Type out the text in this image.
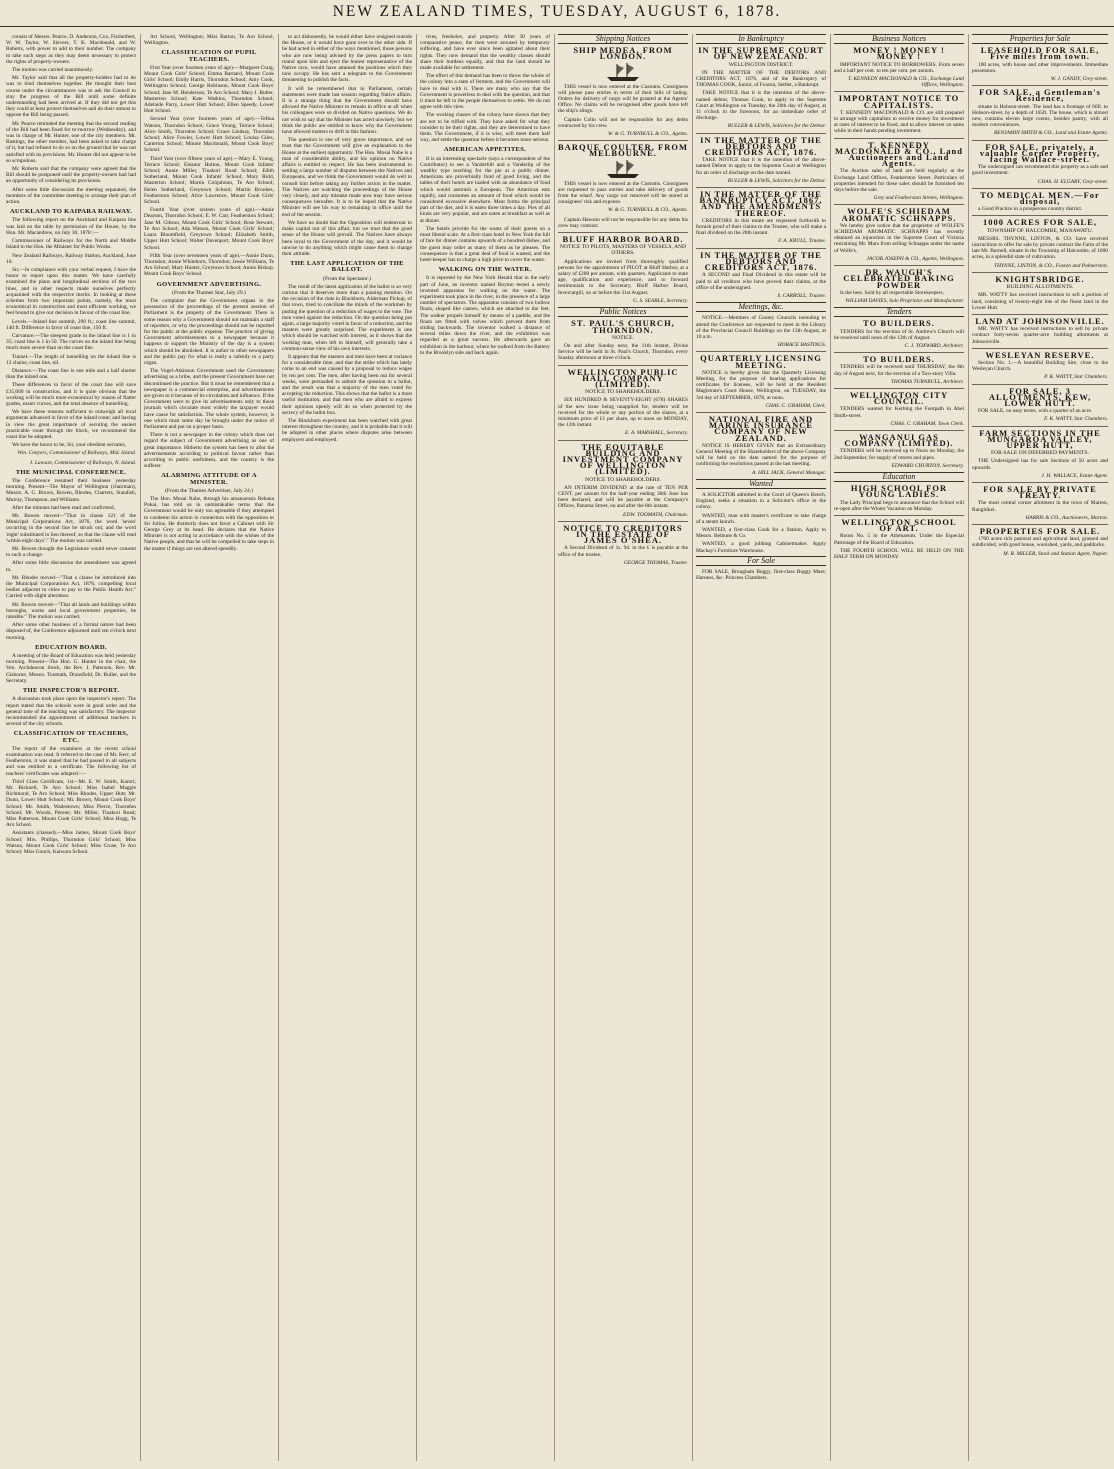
NEW ZEALAND TIMES, TUESDAY, AUGUST 6, 1878.

consist of Messrs. Pearce, D. Anderson, Cox, Fitzherbert, W. W. Taylor, W. Sievers, T. K. Macdonald, and W. Roberts, with power to add to their number. The company to take such steps as they may deem necessary to protect the rights of property-owners.

The motion was carried unanimously.

Mr. Taylor said that all the property-holders had to do was to bind themselves together. He thought their best course under the circumstances was to ask the Council to stay the progress of the Bill until some definite understanding had been arrived at. If they did not get this they could at least protect themselves and do their utmost to oppose the Bill being passed.

Mr. Pearce reminded the meeting that the second reading of the Bill had been fixed for to-morrow (Wednesday), and was in charge of Mr. Hunter, one of the city members. Mr. Bastings, the other member, had been asked to take charge of it, but had refused to do so on the ground that he was not satisfied with its provisions. Mr. Hunter did not appear to be so scrupulous.

Mr. Roberts said that the company were agreed that the Bill should be postponed until the property-owners had had an opportunity of considering its provisions.

After some little discussion the meeting separated, the members of the committee meeting to arrange their plan of action.

AUCKLAND TO KAIPARA RAILWAY.

The following report on the Auckland and Kaipara line was laid on the table by permission of the House, by the Hon. Mr. Macandrew, on July 30, 1878 :—

Commissioner of Railways for the North and Middle Island to the Hon. the Minister for Public Works.

New Zealand Railways, Railway Station, Auckland, June 10.

Sir,—In compliance with your verbal request, I have the honor to report upon this matter. We have carefully examined the plans and longitudinal sections of the two lines, and in other respects made ourselves perfectly acquainted with the respective merits. In looking at these schemes from two important points, namely, the most economical in construction and most efficient working, we feel bound to give our decision in favour of the coast line.

Levels.—Inland line summit, 290 ft.; coast line summit, 140 ft. Difference in favor of coast line, 150 ft.

Curvature.—The steepest grade in the inland line is 1 in 35; coast line is 1 in 50. The curves on the inland line being much more severe than on the coast line.

Tunnel.—The length of tunnelling on the inland line is 12 chains; coast line, nil.

Distance.—The coast line is one mile and a half shorter than the inland one.

These differences in favor of the coast line will save £15,000 in construction, and it is quite obvious that the working will be much more economical by reason of flatter grades, easier curves, and the total absence of tunnelling.

We have these reasons sufficient to outweigh all local arguments advanced in favor of the inland route; and having in view the great importance of securing the easiest practicable route through the block, we recommend the coast line be adopted.

We have the honor to be, Sir, your obedient servants,

Wm. Conyers, Commissioner of Railways, Mid. Island.
J. Lawson, Commissioner of Railways, N. Island.
THE MUNICIPAL CONFERENCE.

The Conference resumed their business yesterday morning. Present—The Mayor of Wellington (chairman), Messrs. A. C. Brown, Bowen, Rhodes, Charters, Standish, Murray, Thompson, and Williams.

After the minutes had been read and confirmed,

Mr. Bowen moved—"That in clause 121 of the Municipal Corporations Act, 1876, the word 'seven' occurring in the second line be struck out, and the word 'eight' substituted in lieu thereof, so that the clause will read 'within eight days'." The motion was carried.

Mr. Bowen thought the Legislature would never consent to such a change.

After some little discussion the amendment was agreed to.

Mr. Rhodes moved—"That a clause be introduced into the Municipal Corporations Act, 1876, compelling local bodies adjacent to cities to pay to the Public Health Act." Carried with slight alteration.

Mr. Bowen moved—"That all lands and buildings within boroughs, warns and local government properties, be rateable." The motion was carried.

After some other business of a formal nature had been disposed of, the Conference adjourned until ten o'clock next morning.

EDUCATION BOARD.

A meeting of the Board of Education was held yesterday morning. Present—The Hon. G. Hunter in the chair, the Ven. Archdeacon Stock, the Rev. J. Paterson, Rev. Mr. Gisborne, Messrs. Toomath, Dransfield, Dr. Buller, and the Secretary.

THE INSPECTOR'S REPORT.

A discussion took place upon the inspector's report. The report stated that the schools were in good order and the general tone of the teaching was satisfactory. The inspector recommended the appointment of additional teachers in several of the city schools.

CLASSIFICATION OF TEACHERS, ETC.

The report of the examiners at the recent school examination was read. It referred to the case of Mr. Kerr, of Featherston, it was stated that he had passed in all subjects and was entitled to a certificate. The following list of teachers' certificates was adopted :—

Third Class Certificate, 1st—Mr. E. W. Smith, Karori; Mr. Bicknell, Te Aro School; Miss Isabel Maggie Richmond, Te Aro School; Miss Rhodes, Upper Hutt; Mr. Dunn, Lower Hutt School; Mr. Brown, Mount Cook Boys' School; Mr. Smith, Wadestown; Miss Pierce, Thorndon School; Mr. Woods, Petone; Mr. Miller, Tinakori Road; Miss Patterson, Mount Cook Girls' School; Miss Hogg, Te Aro School.

Assistants (classed).—Miss James, Mount Cook Boys' School; Mrs. Phillips, Thorndon Girls' School; Miss Watson, Mount Cook Girls' School; Miss Cruse, Te Aro School; Miss Gooch, Kaiwara School.

Art School, Wellington; Miss Barton, Te Aro School, Wellington.

CLASSIFICATION OF PUPIL TEACHERS.

First Year (over fourteen years of age).—Margaret Craig, Mount Cook Girls' School; Emma Barnard, Mount Cook Girls' School; Emily Harris, Thorndon School; Amy Cook, Wellington School; George Robinson, Mount Cook Boys' School; Jane M. Henderson, Te Aro School; Mary J. Butler, Masterton School; Kate Watkins, Thorndon School; Adelaide Parry, Lower Hutt School; Ellen Speedy, Lower Hutt School.

Second Year (over fourteen years of age).—Tefina Watson, Thorndon School; Grace Young, Terrace School; Alice Smith, Thorndon School; Grace Lindsay, Thorndon School; Alice Fowler, Lower Hutt School; Louisa Giles, Carterton School; Minnie Macdonald, Mount Cook Boys' School.

Third Year (over fifteen years of age).—Mary E. Young, Terrace School; Eleanor Hutton, Mount Cook Infants' School; Annie Miller, Tinakori Road School; Edith Sutherland, Mount Cook Infants' School; Mary Ridd, Masterton School; Martin Colquhoun, Te Aro School; Helen Sutherland, Greytown School; Martin Brookes, Featherston School; Alice Lawrence, Mount Cook Girls' School.

Fourth Year (over sixteen years of age).—Annie Dearson, Thorndon School; E. W. Carr, Featherston School; Jane M. Gibson, Mount Cook Girls' School; Rose Stewart, Te Aro School; Ada Watson, Mount Cook Girls' School; Laura Bloomfield, Greytown School; Elizabeth Smith, Upper Hutt School; Walter Davenport, Mount Cook Boys' School.

Fifth Year (over seventeen years of age).—Annie Dunn, Thorndon; Annie Whitehorn, Thorndon; Jessie Williams, Te Aro School; Mary Hunter, Greytown School; Annie Bishop, Mount Cook Boys' School.

GOVERNMENT ADVERTISING.
(From the Thames Star, July 29.)

The complaint that the Government organs in the possession of the proceedings of the present session of Parliament is the property of the Government. There is some reason why a Government should not maintain a staff of reporters, or why the proceedings should not be reported for the public at the public expense. The practice of giving Government advertisements to a newspaper because it happens to support the Ministry of the day is a system which should be abolished. It is unfair to other newspapers and the public pay for what is really a subsidy to a party organ.

The Vogel-Atkinson Government used the Government advertising as a bribe, and the present Government have not discontinued the practice. But it must be remembered that a newspaper is a commercial enterprise, and advertisements are given to it because of its circulation and influence. If the Government were to give its advertisements only to those journals which circulate most widely the taxpayer would have cause for satisfaction. The whole system, however, is one which must some day be brought under the notice of Parliament and put on a proper basis.

There is not a newspaper in the colony which does not regard the subject of Government advertising as one of great importance. Hitherto the system has been to allot the advertisements according to political favour rather than according to public usefulness, and the country is the sufferer.

ALARMING ATTITUDE OF A MINISTER.
(From the Thames Advertiser, July 24.)

The Hon. Mosai Nahe, through his amanuensis Rehana Pokai, has told us in unmistakable terms that the Government would be only too agreeable if they attempted to condemn his action in connection with the opposition to Sir Julius. He distinctly does not favor a Cabinet with Sir George Grey at its head. He declares that the Native Minister is not acting in accordance with the wishes of the Native people, and that he will be compelled to take steps in the matter if things are not altered speedily.

to act dishonestly, he would either have resigned outside the House, or it would have gone over to the other side. If he had acted in either of the ways mentioned, those persons who are now being advised by the press papers to turn round upon him and eject the honest representative of the Native race, would have attained the positions which they now occupy. He has sent a telegram to the Government threatening to publish the facts.

It will be remembered that in Parliament, certain statements were made last session regarding Native affairs. It is a strange thing that the Government should have allowed the Native Minister to remain in office at all when his colleagues were so divided on Native questions. We do not wish to say that the Minister has acted unwisely, but we think the public are entitled to know why the Government have allowed matters to drift in this fashion.

The question is one of very grave importance, and we trust that the Government will give an explanation to the House at the earliest opportunity. The Hon. Mosai Nahe is a man of considerable ability, and his opinion on Native affairs is entitled to respect. He has been instrumental in settling a large number of disputes between the Natives and Europeans, and we think the Government would do well to consult him before taking any further action in the matter. The Natives are watching the proceedings of the House very closely, and any mistake made now may have serious consequences hereafter. It is to be hoped that the Native Minister will see his way to remaining in office until the end of the session.

We have no doubt that the Opposition will endeavour to make capital out of this affair, but we trust that the good sense of the House will prevail. The Natives have always been loyal to the Government of the day, and it would be unwise to do anything which might cause them to change their attitude.

THE LAST APPLICATION OF THE BALLOT.
(From the Spectator.)

The result of the latest application of the ballot is so very curious that it deserves more than a passing mention. On the occasion of the riots in Blackburn, Alderman Pickup, of that town, tried to conciliate the minds of the workmen by putting the question of a reduction of wages to the vote. The men voted against the reduction. On the question being put again, a large majority voted in favor of a reduction, and the masters were greatly surprised. The experiment is one which should be watched with interest, as it shows that the working man, when left to himself, will generally take a common-sense view of his own interests.

It appears that the masters and men have been at variance for a considerable time, and that the strike which has lately come to an end was caused by a proposal to reduce wages by ten per cent. The men, after having been out for several weeks, were persuaded to submit the question to a ballot, and the result was that a majority of the men voted for accepting the reduction. This shows that the ballot is a most useful institution, and that men who are afraid to express their opinions openly will do so when protected by the secrecy of the ballot box.

The Blackburn experiment has been watched with great interest throughout the country, and it is probable that it will be adopted in other places where disputes arise between employers and employed.

tives, freeholes, and property. After 30 years of comparative peace, the men were aroused by temporary suffering, and have ever since been agitated about their rights. They now demand that the wealthy classes should share their burdens equally, and that the land should be made available for settlement.

The effect of this demand has been to throw the whole of the colony into a state of ferment, and the Government will have to deal with it. There are many who say that the Government is powerless to deal with the question, and that it must be left to the people themselves to settle. We do not agree with this view.

The working classes of the colony have shown that they are not to be trifled with. They have asked for what they consider to be their rights, and they are determined to have them. The Government, if it is wise, will meet them half way, and settle the question before it becomes more serious.

AMERICAN APPETITES.

It is an interesting spectacle (says a correspondent of the Contributor) to see a Vanderbilt and a Vanderlip of the wealthy type reaching for the pie at a public dinner. Americans are proverbially fond of good living, and the tables of their hotels are loaded with an abundance of food which would astonish a European. The American eats rapidly, and consumes an amount of food which would be considered excessive elsewhere. Meat forms the principal part of the diet, and it is eaten three times a day. Pies of all kinds are very popular, and are eaten at breakfast as well as at dinner.

The hotels provide for the wants of their guests on a most liberal scale. At a first-class hotel in New York the bill of fare for dinner contains upwards of a hundred dishes, and the guest may order as many of them as he pleases. The consequence is that a great deal of food is wasted, and the hotel-keeper has to charge a high price to cover the waste.

WALKING ON THE WATER.

It is reported by the New York Herald that in the early part of June, an inventor named Boyton tested a newly invented apparatus for walking on the water. The experiment took place in the river, in the presence of a large number of spectators. The apparatus consists of two hollow floats, shaped like canoes, which are attached to the feet. The walker propels himself by means of a paddle, and the floats are fitted with valves which prevent them from sliding backwards. The inventor walked a distance of several miles down the river, and the exhibition was regarded as a great success. He afterwards gave an exhibition in the harbour, where he walked from the Battery to the Brooklyn side and back again.

Shipping Notices
SHIP MEDEA, FROM LONDON.

THIS vessel is now entered at the Customs. Consignees will please pass entries in terms of their bills of lading. Orders for delivery of cargo will be granted at the Agents' Office. No claims will be recognised after goods have left the ship's slings.

Captain Colin will not be responsible for any debts contracted by his crew.

W. & G. TURNBULL & CO., Agents.
BARQUE COULTER, FROM MELBOURNE.

THIS vessel is now entered at the Customs. Consignees are requested to pass entries and take delivery of goods from the wharf. Any cargo not removed will be stored at consignees' risk and expense.

W. & G. TURNBULL & CO., Agents.

Captain Hawson will not be responsible for any debts his crew may contract.

BLUFF HARBOR BOARD.
NOTICE TO PILOTS, MASTERS OF VESSELS, AND OTHERS.

Applications are invited from thoroughly qualified persons for the appointment of PILOT at Bluff Harbor, at a salary of £200 per annum, with quarters. Applicants to state age, qualification and experience, and to forward testimonials to the Secretary, Bluff Harbor Board, Invercargill, on or before the 31st August.

G. S. SEARLE, Secretary.
Public Notices
ST. PAUL'S CHURCH, THORNDON.
NOTICE.

On and after Sunday next, the 11th instant, Divine Service will be held in St. Paul's Church, Thorndon, every Sunday afternoon at three o'clock.

WELLINGTON PUBLIC HALL COMPANY (LIMITED).
NOTICE TO SHAREHOLDERS.

SIX HUNDRED & SEVENTY-EIGHT (678) SHARES of the new issue being unapplied for, tenders will be received for the whole or any portion of the shares, at a minimum price of £1 per share, up to noon on MONDAY, the 12th instant.

E. A. MARSHALL, Secretary.
THE EQUITABLE BUILDING AND INVESTMENT COMPANY OF WELLINGTON (LIMITED).
NOTICE TO SHAREHOLDERS.

AN INTERIM DIVIDEND at the rate of TEN PER CENT. per annum for the half-year ending 30th June has been declared, and will be payable at the Company's Offices, Panama Street, on and after the 8th instant.

EDW. TOOMATH, Chairman.
NOTICE TO CREDITORS IN THE ESTATE OF JAMES O'SHEA.

A Second Dividend of 1s. 9d. in the £ is payable at the office of the trustee.

GEORGE THOMAS, Trustee.
In Bankruptcy
IN THE SUPREME COURT OF NEW ZEALAND.
WELLINGTON DISTRICT.

IN THE MATTER OF THE DEBTORS AND CREDITORS ACT, 1876, and of the Bankruptcy of THOMAS COOK, Junior, of Foxton, Settler, a Bankrupt.

TAKE NOTICE that it is the intention of the above-named debtor, Thomas Cook, to apply to the Supreme Court at Wellington on Tuesday, the 20th day of August, at 11 o'clock in the forenoon, for an immediate order of discharge.

BULLER & LEWIS, Solicitors for the Debtor.
IN THE MATTER OF THE DEBTORS AND CREDITORS ACT, 1876.

TAKE NOTICE that it is the intention of the above-named Debtor to apply to the Supreme Court at Wellington for an order of discharge on the date named.

BULLER & LEWIS, Solicitors for the Debtor.
IN THE MATTER OF THE BANKRUPTCY ACT, 1867, AND THE AMENDMENTS THEREOF.

CREDITORS in this estate are requested forthwith to furnish proof of their claims to the Trustee, who will make a final dividend on the 20th instant.

F. A. KRULL, Trustee.
IN THE MATTER OF THE DEBTORS AND CREDITORS ACT, 1876.

A SECOND and Final Dividend in this estate will be paid to all creditors who have proved their claims, at the office of the undersigned.

S. CARROLL, Trustee.
Meetings, &c.

NOTICE.—Members of County Councils intending to attend the Conference are requested to meet in the Library of the Provincial Council Buildings on the 13th August, at 10 a.m.

HORACE BASTINGS.
QUARTERLY LICENSING MEETING.

NOTICE is hereby given that the Quarterly Licensing Meeting, for the purpose of hearing applications for certificates for licenses, will be held at the Resident Magistrate's Court House, Wellington, on TUESDAY, the 3rd day of SEPTEMBER, 1878, at noon.

CHAS. C. GRAHAM, Clerk.
NATIONAL FIRE AND MARINE INSURANCE COMPANY OF NEW ZEALAND.

NOTICE IS HEREBY GIVEN that an Extraordinary General Meeting of the Shareholders of the above Company will be held on the date named for the purpose of confirming the resolutions passed at the last meeting.

A. HILL JACK, General Manager.
Wanted

A SOLICITOR admitted in the Court of Queen's Bench, England, seeks a situation in a Solicitor's office in the colony.

WANTED, man with master's certificate to take charge of a steam launch.

WANTED, a first-class Cook for a Station. Apply to Messrs. Bethune & Co.

WANTED, a good jobbing Cabinetmaker. Apply Mackay's Furniture Warehouse.

For Sale

FOR SALE, Brougham Buggy, first-class Buggy Mare, Harness, &c. Princess Chambers.

Business Notices
MONEY ! MONEY ! MONEY !

IMPORTANT NOTICE TO BORROWERS. From seven and a half per cent. to ten per cent. per annum.

T. KENNEDY MACDONALD & CO., Exchange Land Offices, Wellington.
IMPORTANT NOTICE TO CAPITALISTS.

T. KENNEDY MACDONALD & CO. are still prepared to arrange with capitalists to receive money for investment at rates of interest to be fixed, and to allow interest on same while in their hands pending investment.

T. KENNEDY MACDONALD & CO., Land Auctioneers and Land Agents.

The Auction sales of land are held regularly at the Exchange Land Offices, Featherston Street. Particulars of properties intended for these sales should be furnished ten days before the sale.

Grey and Featherston Streets, Wellington.
WOLFE'S SCHIEDAM AROMATIC SCHNAPPS.

We hereby give notice that the proprietor of WOLFE'S SCHIEDAM AROMATIC SCHNAPPS has recently obtained an injunction in the Supreme Court of Victoria restraining Mr. Mars from selling Schnapps under the name of Wolfe's.

JACOB JOSEPH & CO., Agents, Wellington.
DR. WAUGH'S CELEBRATED BAKING POWDER

Is the best. Sold by all respectable Storekeepers.

WILLIAM DAVIES, Sole Proprietor and Manufacturer.
Tenders
TO BUILDERS.

TENDERS for the erection of St. Andrew's Church will be received until noon of the 12th of August.

C. J. TOXWARD, Architect.
TO BUILDERS.

TENDERS will be received until THURSDAY, the 8th day of August next, for the erection of a Two-story Villa.

THOMAS TURNBULL, Architect.
WELLINGTON CITY COUNCIL.

TENDERS wanted for Kerbing the Footpath in Abel Smith-street.

CHAS. C. GRAHAM, Town Clerk.
WANGANUI GAS COMPANY (LIMITED).

TENDERS will be received up to Noon on Monday, the 2nd September, for supply of retorts and pipes.

EDWARD CHURTON, Secretary.
Education
HIGH SCHOOL FOR YOUNG LADIES.

The Lady Principal begs to announce that the School will re-open after the Winter Vacation on Monday.

WELLINGTON SCHOOL OF ART.

Room No. 5 in the Athenaeum. Under the Especial Patronage of the Board of Education.

THE FOURTH SCHOOL WILL BE HELD ON THE HALF TERM ON MONDAY.

Properties for Sale
LEASEHOLD FOR SALE, Five miles from town.

100 acres, with house and other improvements. Immediate possession.

W. J. GANDY, Grey-street.
FOR SALE, a Gentleman's Residence,

situate in Hobson-street. The land has a frontage of 66ft. to Hobson-street, by a depth of 165ft. The house, which is almost new, contains eleven large rooms, besides pantry, with all modern conveniences.

BENJAMIN SMITH & CO., Land and Estate Agents.
FOR SALE, privately, a valuable Corner Property, facing Wallace-street.

The undersigned can recommend this property as a safe and good investment.

CHAS. H. ELGABY, Grey-street.
TO MEDICAL MEN.—For disposal,

a Good Practice in a prosperous country district.

1000 ACRES FOR SALE,
TOWNSHIP OF HALCOMBE, MANAWATU.

MESSRS. THYNNE, LINTON, & CO. have received instructions to offer for sale by private contract the Farm of the late Mr. Burnell, situate in the Township of Halcombe, of 1000 acres, in a splendid state of cultivation.

THYNNE, LINTON, & CO., Foxton and Palmerston.
KNIGHTSBRIDGE.
BUILDING ALLOTMENTS.

MR. WATTY has received instructions to sell a portion of land, consisting of twenty-eight lots of the finest land in the Lower Hutt.

LAND AT JOHNSONVILLE.

MR. WATTY has received instructions to sell by private contract forty-seven quarter-acre building allotments at Johnsonville.

WESLEYAN RESERVE.

Section No. 1.—A beautiful Building Site, close to the Wesleyan Church.

P. K. WATTY, Star Chambers.
FOR SALE, 3 ALLOTMENTS, KEW, LOWER HUTT.

FOR SALE, on easy terms, with a quarter of an acre.

F. K. WATTY, Star Chambers.
FARM SECTIONS IN THE MUNGAROA VALLEY, UPPER HUTT,
FOR SALE ON DEFERRED PAYMENTS.

THE Undersigned has for sale Sections of 50 acres and upwards.

J. H. WALLACE, Estate Agent.
FOR SALE BY PRIVATE TREATY.

The most central corner allotment in the town of Marton, Rangitikei.

HARRIS & CO., Auctioneers, Marton.
PROPERTIES FOR SALE.

1760 acres rich pastoral and agricultural land, grassed and subdivided, with good house, woolshed, yards, and paddocks.

M. R. MILLER, Stock and Station Agent, Napier.
